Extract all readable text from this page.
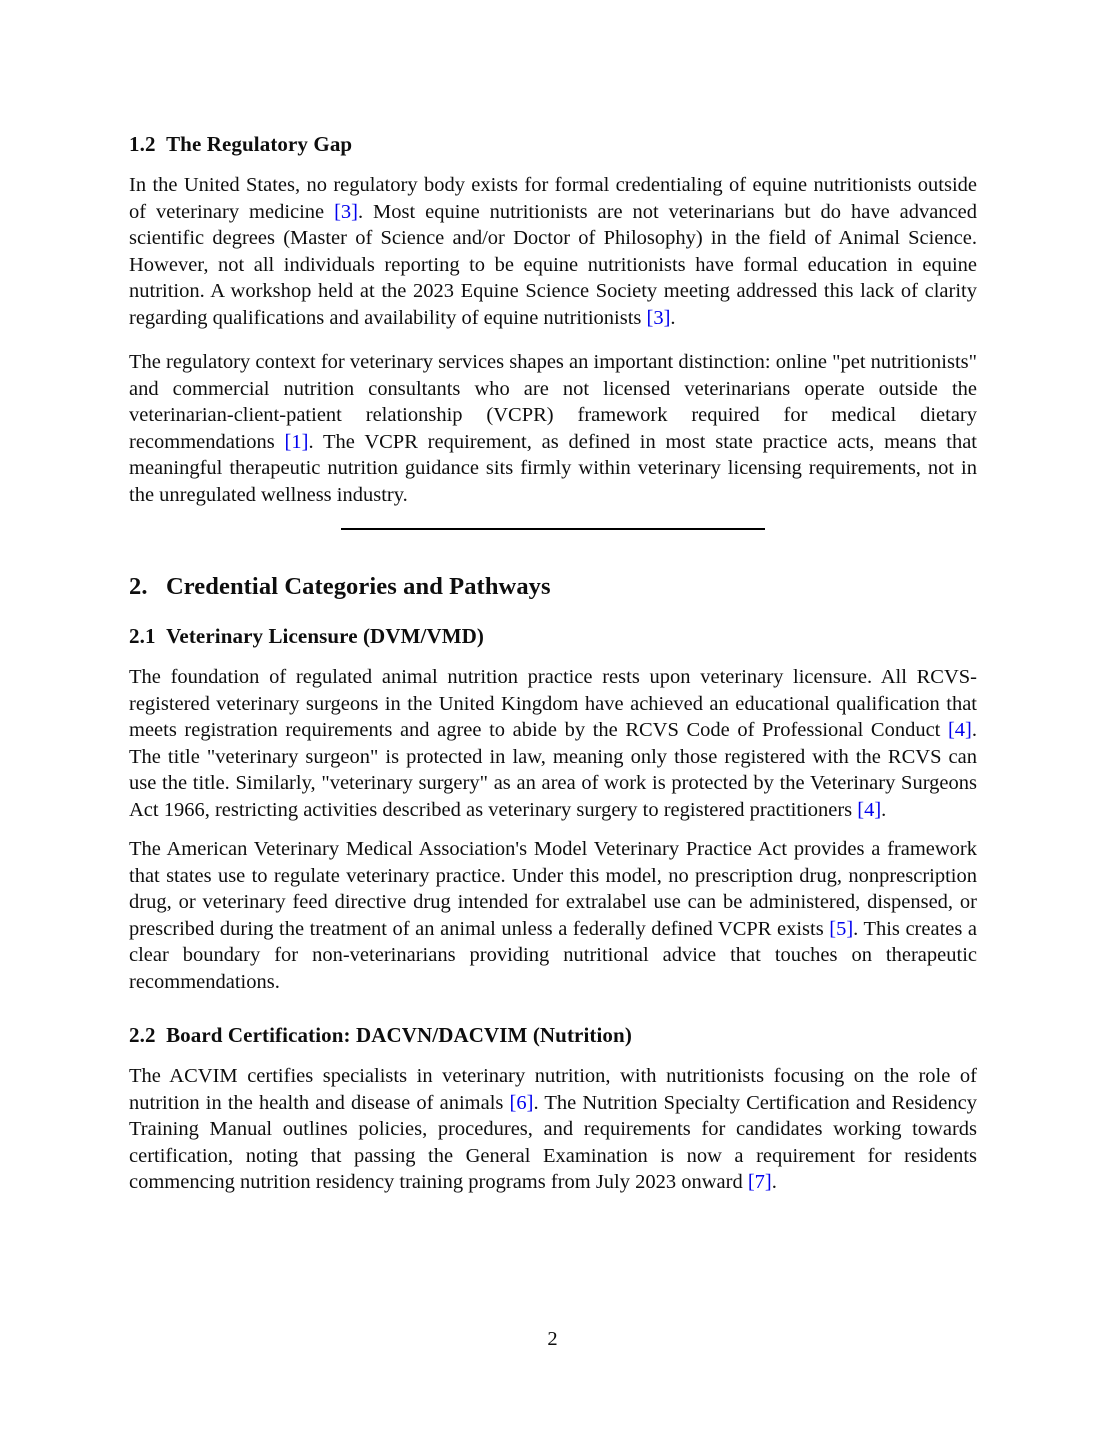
1.2 The Regulatory Gap

In the United States, no regulatory body exists for formal credentialing of equine nutritionists outside of veterinary medicine [3]. Most equine nutritionists are not veterinarians but do have advanced scientific degrees (Master of Science and/or Doctor of Philosophy) in the field of Animal Science. However, not all individuals reporting to be equine nutritionists have formal education in equine nutrition. A workshop held at the 2023 Equine Science Society meeting addressed this lack of clarity regarding qualifications and availability of equine nutritionists [3].

The regulatory context for veterinary services shapes an important distinction: online "pet nutritionists" and commercial nutrition consultants who are not licensed veterinarians operate outside the veterinarian-client-patient relationship (VCPR) framework required for medical dietary recommendations [1]. The VCPR requirement, as defined in most state practice acts, means that meaningful therapeutic nutrition guidance sits firmly within veterinary licensing requirements, not in the unregulated wellness industry.

2. Credential Categories and Pathways
2.1 Veterinary Licensure (DVM/VMD)

The foundation of regulated animal nutrition practice rests upon veterinary licensure. All RCVS-registered veterinary surgeons in the United Kingdom have achieved an educational qualification that meets registration requirements and agree to abide by the RCVS Code of Professional Conduct [4]. The title "veterinary surgeon" is protected in law, meaning only those registered with the RCVS can use the title. Similarly, "veterinary surgery" as an area of work is protected by the Veterinary Surgeons Act 1966, restricting activities described as veterinary surgery to registered practitioners [4].

The American Veterinary Medical Association's Model Veterinary Practice Act provides a framework that states use to regulate veterinary practice. Under this model, no prescription drug, nonprescription drug, or veterinary feed directive drug intended for extralabel use can be administered, dispensed, or prescribed during the treatment of an animal unless a federally defined VCPR exists [5]. This creates a clear boundary for non-veterinarians providing nutritional advice that touches on therapeutic recommendations.

2.2 Board Certification: DACVN/DACVIM (Nutrition)

The ACVIM certifies specialists in veterinary nutrition, with nutritionists focusing on the role of nutrition in the health and disease of animals [6]. The Nutrition Specialty Certification and Residency Training Manual outlines policies, procedures, and requirements for candidates working towards certification, noting that passing the General Examination is now a requirement for residents commencing nutrition residency training programs from July 2023 onward [7].

2
